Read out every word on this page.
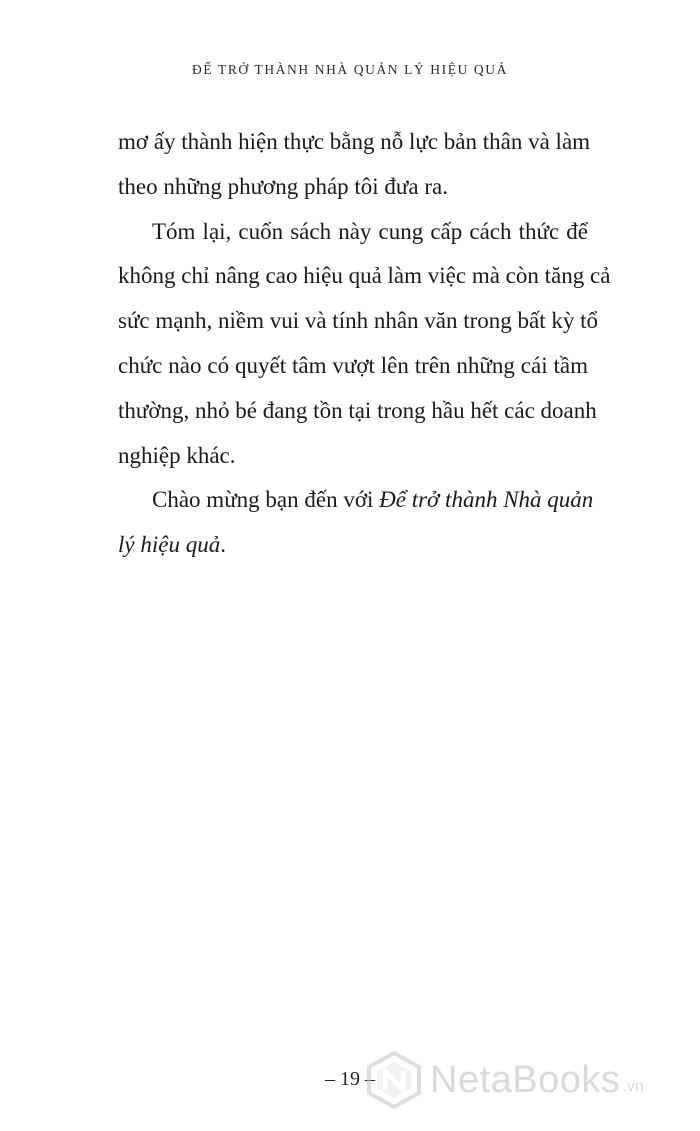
ĐỂ TRỞ THÀNH NHÀ QUẢN LÝ HIỆU QUẢ
mơ ấy thành hiện thực bằng nỗ lực bản thân và làm
theo những phương pháp tôi đưa ra.
Tóm lại, cuốn sách này cung cấp cách thức để
không chỉ nâng cao hiệu quả làm việc mà còn tăng cả
sức mạnh, niềm vui và tính nhân văn trong bất kỳ tổ
chức nào có quyết tâm vượt lên trên những cái tầm
thường, nhỏ bé đang tồn tại trong hầu hết các doanh
nghiệp khác.
Chào mừng bạn đến với Để trở thành Nhà quản
lý hiệu quả.
– 19 –	NetaBooks .vn
